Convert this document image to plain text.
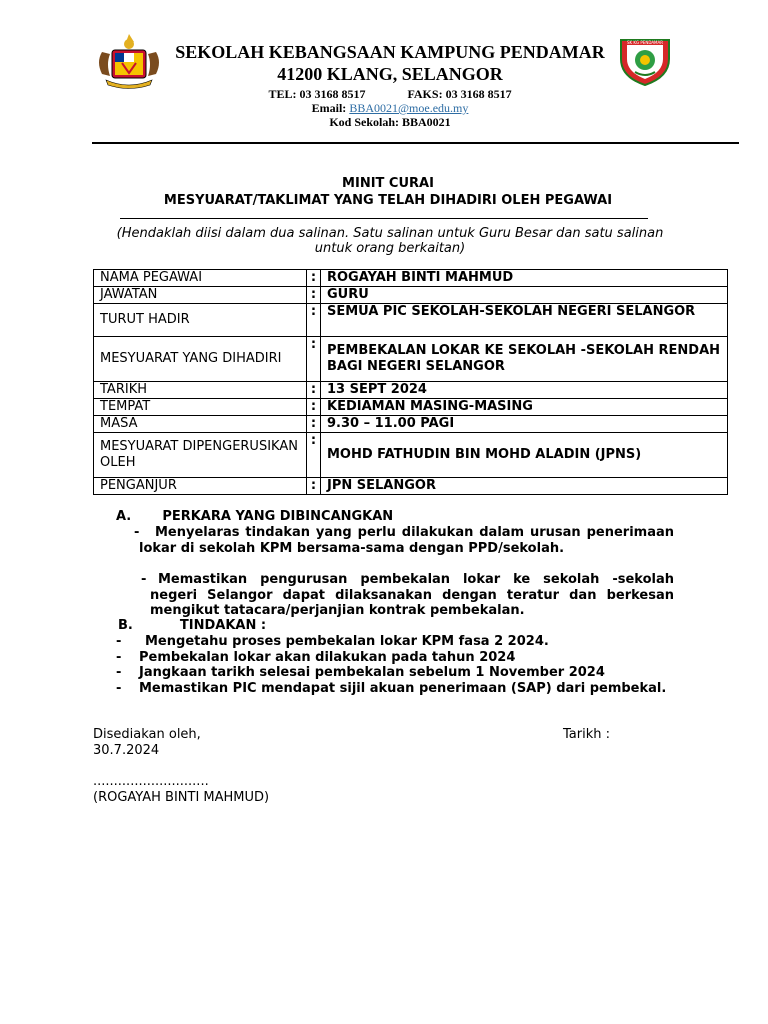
SK KG PENDAMAR
SEKOLAH KEBANGSAAN KAMPUNG PENDAMAR
41200 KLANG, SELANGOR
TEL: 03 3168 8517	FAKS: 03 3168 8517
Email: BBA0021@moe.edu.my
Kod Sekolah: BBA0021
MINIT CURAI
MESYUARAT/TAKLIMAT YANG TELAH DIHADIRI OLEH PEGAWAI
(Hendaklah diisi dalam dua salinan. Satu salinan untuk Guru Besar dan satu salinan
untuk orang berkaitan)
NAMA PEGAWAI	:	ROGAYAH BINTI MAHMUD
JAWATAN	:	GURU
TURUT HADIR	:	SEMUA PIC SEKOLAH-SEKOLAH NEGERI SELANGOR
MESYUARAT YANG DIHADIRI	:	PEMBEKALAN LOKAR KE SEKOLAH -SEKOLAH RENDAH BAGI NEGERI SELANGOR
TARIKH	:	13 SEPT 2024
TEMPAT	:	KEDIAMAN MASING-MASING
MASA	:	9.30 – 11.00 PAGI
MESYUARAT DIPENGERUSIKAN OLEH	:	MOHD FATHUDIN BIN MOHD ALADIN (JPNS)
PENGANJUR	:	JPN SELANGOR
A. PERKARA YANG DIBINCANGKAN
-	Menyelaras tindakan yang perlu dilakukan dalam urusan penerimaan lokar di sekolah KPM bersama-sama dengan PPD/sekolah.
- Memastikan pengurusan pembekalan lokar ke sekolah -sekolah negeri Selangor dapat dilaksanakan dengan teratur dan berkesan mengikut tatacara/perjanjian kontrak pembekalan.
B.	TINDAKAN :
-	Mengetahu proses pembekalan lokar KPM fasa 2 2024.
- Pembekalan lokar akan dilakukan pada tahun 2024
- Jangkaan tarikh selesai pembekalan sebelum 1 November 2024
- Memastikan PIC mendapat sijil akuan penerimaan (SAP) dari pembekal.
Disediakan oleh,	Tarikh :
30.7.2024
............................
(ROGAYAH BINTI MAHMUD)
